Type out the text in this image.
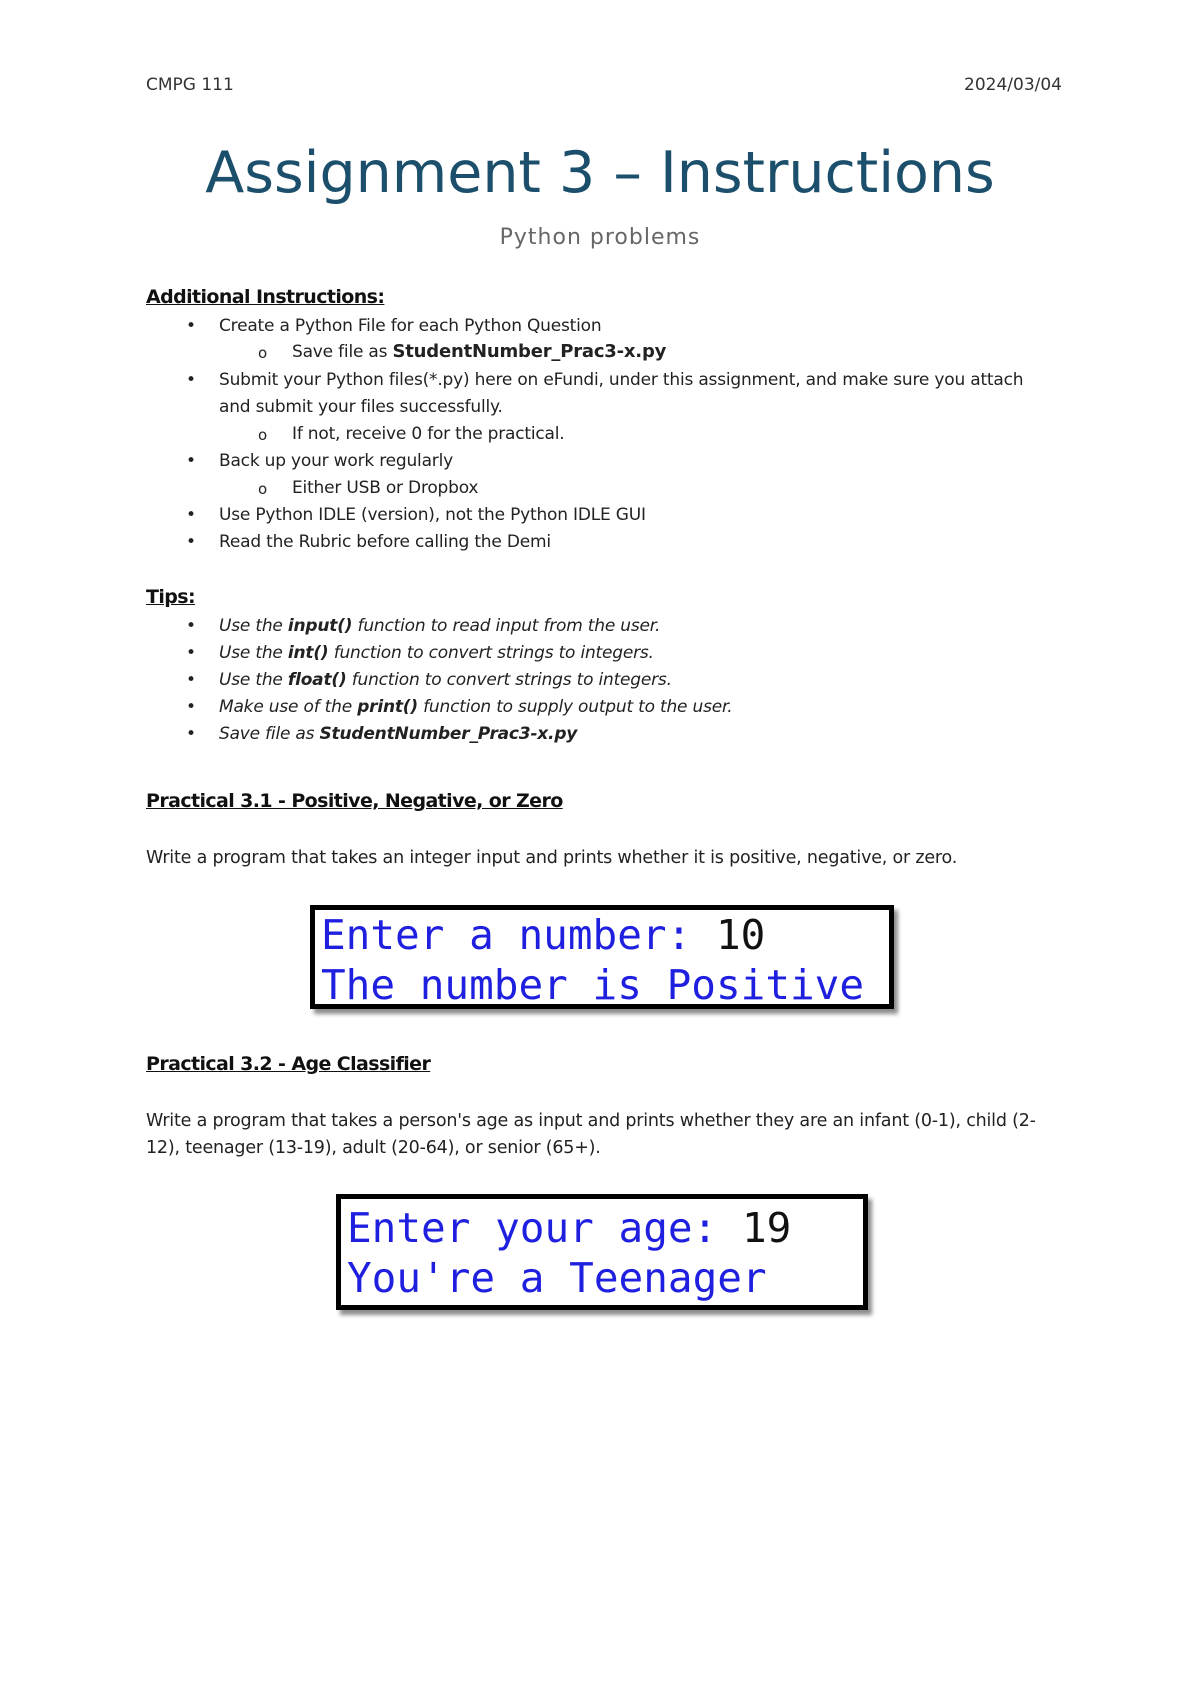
CMPG 111	2024/03/04
Assignment 3 – Instructions
Python problems
Additional Instructions:
• Create a Python File for each Python Question
o Save file as StudentNumber_Prac3-x.py
• Submit your Python files(*.py) here on eFundi, under this assignment, and make sure you attach
and submit your files successfully.
o If not, receive 0 for the practical.
• Back up your work regularly
o Either USB or Dropbox
• Use Python IDLE (version), not the Python IDLE GUI
• Read the Rubric before calling the Demi
Tips:
• Use the input() function to read input from the user.
• Use the int() function to convert strings to integers.
• Use the float() function to convert strings to integers.
• Make use of the print() function to supply output to the user.
• Save file as StudentNumber_Prac3-x.py
Practical 3.1 - Positive, Negative, or Zero
Write a program that takes an integer input and prints whether it is positive, negative, or zero.
Enter a number: 10
The number is Positive
Practical 3.2 - Age Classifier
Write a program that takes a person's age as input and prints whether they are an infant (0-1), child (2-
12), teenager (13-19), adult (20-64), or senior (65+).
Enter your age: 19
You're a Teenager
